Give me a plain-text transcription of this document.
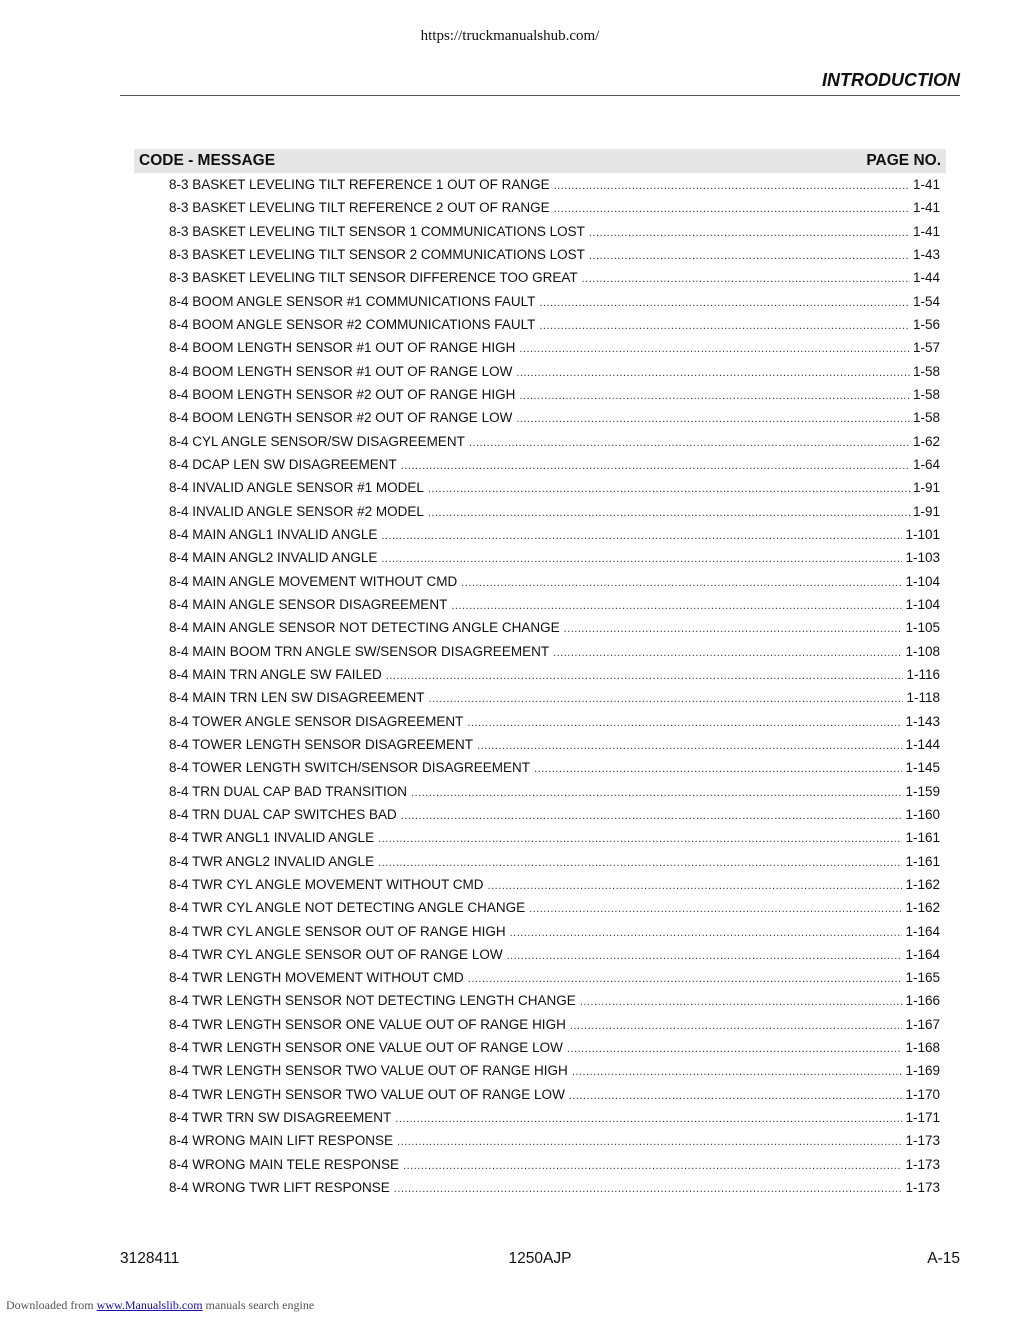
https://truckmanualshub.com/
INTRODUCTION
CODE - MESSAGE	PAGE NO.
8-3 BASKET LEVELING TILT REFERENCE 1 OUT OF RANGE .....	1-41
8-3 BASKET LEVELING TILT REFERENCE 2 OUT OF RANGE .....	1-41
8-3 BASKET LEVELING TILT SENSOR 1 COMMUNICATIONS LOST .....	1-41
8-3 BASKET LEVELING TILT SENSOR 2 COMMUNICATIONS LOST .....	1-43
8-3 BASKET LEVELING TILT SENSOR DIFFERENCE TOO GREAT .....	1-44
8-4 BOOM ANGLE SENSOR #1 COMMUNICATIONS FAULT .....	1-54
8-4 BOOM ANGLE SENSOR #2 COMMUNICATIONS FAULT .....	1-56
8-4 BOOM LENGTH SENSOR #1 OUT OF RANGE HIGH .....	1-57
8-4 BOOM LENGTH SENSOR #1 OUT OF RANGE LOW .....	1-58
8-4 BOOM LENGTH SENSOR #2 OUT OF RANGE HIGH .....	1-58
8-4 BOOM LENGTH SENSOR #2 OUT OF RANGE LOW .....	1-58
8-4 CYL ANGLE SENSOR/SW DISAGREEMENT .....	1-62
8-4 DCAP LEN SW DISAGREEMENT .....	1-64
8-4 INVALID ANGLE SENSOR #1 MODEL .....	1-91
8-4 INVALID ANGLE SENSOR #2 MODEL .....	1-91
8-4 MAIN ANGL1 INVALID ANGLE .....	1-101
8-4 MAIN ANGL2 INVALID ANGLE .....	1-103
8-4 MAIN ANGLE MOVEMENT WITHOUT CMD .....	1-104
8-4 MAIN ANGLE SENSOR DISAGREEMENT .....	1-104
8-4 MAIN ANGLE SENSOR NOT DETECTING ANGLE CHANGE .....	1-105
8-4 MAIN BOOM TRN ANGLE SW/SENSOR DISAGREEMENT .....	1-108
8-4 MAIN TRN ANGLE SW FAILED .....	1-116
8-4 MAIN TRN LEN SW DISAGREEMENT .....	1-118
8-4 TOWER ANGLE SENSOR DISAGREEMENT .....	1-143
8-4 TOWER LENGTH SENSOR DISAGREEMENT .....	1-144
8-4 TOWER LENGTH SWITCH/SENSOR DISAGREEMENT .....	1-145
8-4 TRN DUAL CAP BAD TRANSITION .....	1-159
8-4 TRN DUAL CAP SWITCHES BAD .....	1-160
8-4 TWR ANGL1 INVALID ANGLE .....	1-161
8-4 TWR ANGL2 INVALID ANGLE .....	1-161
8-4 TWR CYL ANGLE MOVEMENT WITHOUT CMD .....	1-162
8-4 TWR CYL ANGLE NOT DETECTING ANGLE CHANGE .....	1-162
8-4 TWR CYL ANGLE SENSOR OUT OF RANGE HIGH .....	1-164
8-4 TWR CYL ANGLE SENSOR OUT OF RANGE LOW .....	1-164
8-4 TWR LENGTH MOVEMENT WITHOUT CMD .....	1-165
8-4 TWR LENGTH SENSOR NOT DETECTING LENGTH CHANGE .....	1-166
8-4 TWR LENGTH SENSOR ONE VALUE OUT OF RANGE HIGH .....	1-167
8-4 TWR LENGTH SENSOR ONE VALUE OUT OF RANGE LOW .....	1-168
8-4 TWR LENGTH SENSOR TWO VALUE OUT OF RANGE HIGH .....	1-169
8-4 TWR LENGTH SENSOR TWO VALUE OUT OF RANGE LOW .....	1-170
8-4 TWR TRN SW DISAGREEMENT .....	1-171
8-4 WRONG MAIN LIFT RESPONSE .....	1-173
8-4 WRONG MAIN TELE RESPONSE .....	1-173
8-4 WRONG TWR LIFT RESPONSE .....	1-173
3128411	1250AJP	A-15
Downloaded from www.Manualslib.com manuals search engine
